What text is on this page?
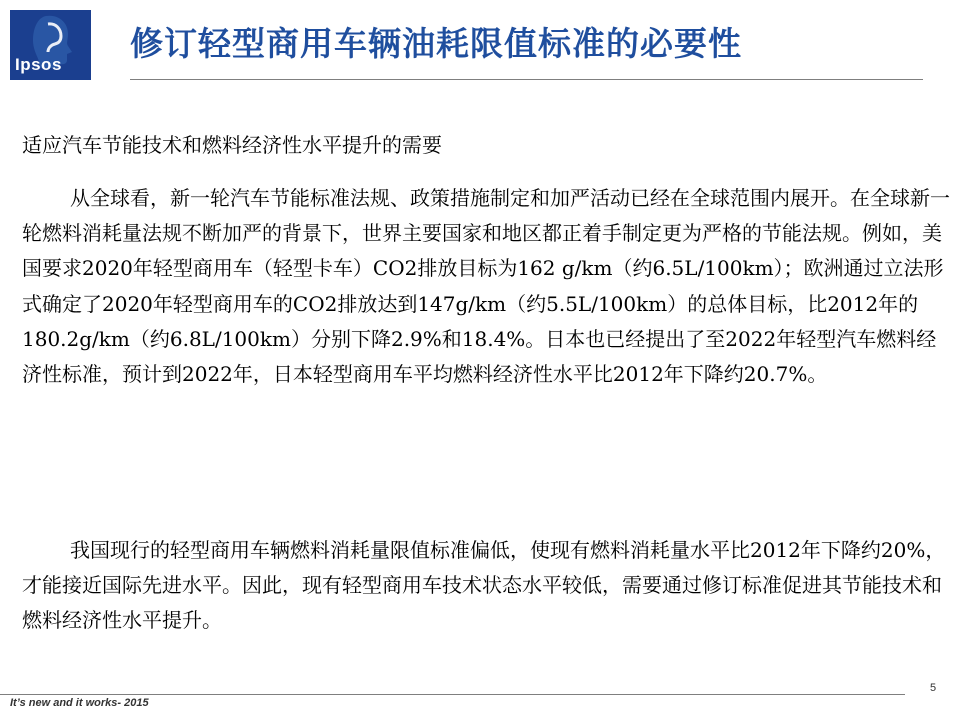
Ipsos
修订轻型商用车辆油耗限值标准的必要性
适应汽车节能技术和燃料经济性水平提升的需要

从全球看，新一轮汽车节能标准法规、政策措施制定和加严活动已经在全球范围内展开。在全球新一轮燃料消耗量法规不断加严的背景下，世界主要国家和地区都正着手制定更为严格的节能法规。例如，美国要求2020年轻型商用车（轻型卡车）CO2排放目标为162 g/km（约6.5L/100km）；欧洲通过立法形式确定了2020年轻型商用车的CO2排放达到147g/km（约5.5L/100km）的总体目标，比2012年的180.2g/km（约6.8L/100km）分别下降2.9%和18.4%。日本也已经提出了至2022年轻型汽车燃料经济性标准，预计到2022年，日本轻型商用车平均燃料经济性水平比2012年下降约20.7%。

我国现行的轻型商用车辆燃料消耗量限值标准偏低，使现有燃料消耗量水平比2012年下降约20%，才能接近国际先进水平。因此，现有轻型商用车技术状态水平较低，需要通过修订标准促进其节能技术和燃料经济性水平提升。

It’s new and it works- 2015
5
